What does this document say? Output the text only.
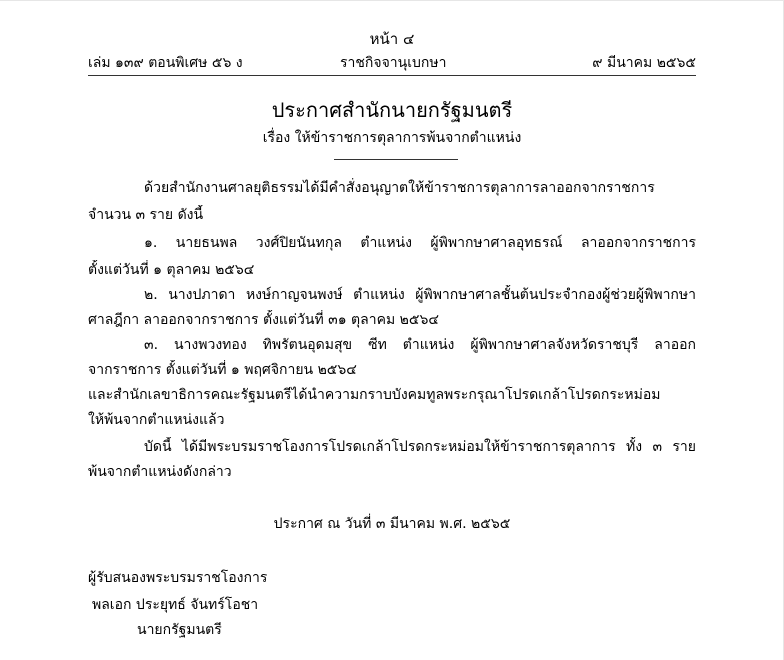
หน้า ๔
เล่ม ๑๓๙ ตอนพิเศษ ๕๖ ง	ราชกิจจานุเบกษา	๙ มีนาคม ๒๕๖๕
ประกาศสำนักนายกรัฐมนตรี
เรื่อง ให้ข้าราชการตุลาการพ้นจากตำแหน่ง
ด้วยสำนักงานศาลยุติธรรมได้มีคำสั่งอนุญาตให้ข้าราชการตุลาการลาออกจากราชการ
จำนวน ๓ ราย ดังนี้
๑. นายธนพล วงศ์ปิยนันทกุล ตำแหน่ง ผู้พิพากษาศาลอุทธรณ์ ลาออกจากราชการ
ตั้งแต่วันที่ ๑ ตุลาคม ๒๕๖๔
๒. นางปภาดา หงษ์กาญจนพงษ์ ตำแหน่ง ผู้พิพากษาศาลชั้นต้นประจำกองผู้ช่วยผู้พิพากษา
ศาลฎีกา ลาออกจากราชการ ตั้งแต่วันที่ ๓๑ ตุลาคม ๒๕๖๔
๓. นางพวงทอง ทิพรัตนอุดมสุข ซีท ตำแหน่ง ผู้พิพากษาศาลจังหวัดราชบุรี ลาออก
จากราชการ ตั้งแต่วันที่ ๑ พฤศจิกายน ๒๕๖๔
และสำนักเลขาธิการคณะรัฐมนตรีได้นำความกราบบังคมทูลพระกรุณาโปรดเกล้าโปรดกระหม่อม
ให้พ้นจากตำแหน่งแล้ว
บัดนี้ ได้มีพระบรมราชโองการโปรดเกล้าโปรดกระหม่อมให้ข้าราชการตุลาการ ทั้ง ๓ ราย
พ้นจากตำแหน่งดังกล่าว
ประกาศ ณ วันที่ ๓ มีนาคม พ.ศ. ๒๕๖๕
ผู้รับสนองพระบรมราชโองการ
พลเอก ประยุทธ์ จันทร์โอชา
นายกรัฐมนตรี
